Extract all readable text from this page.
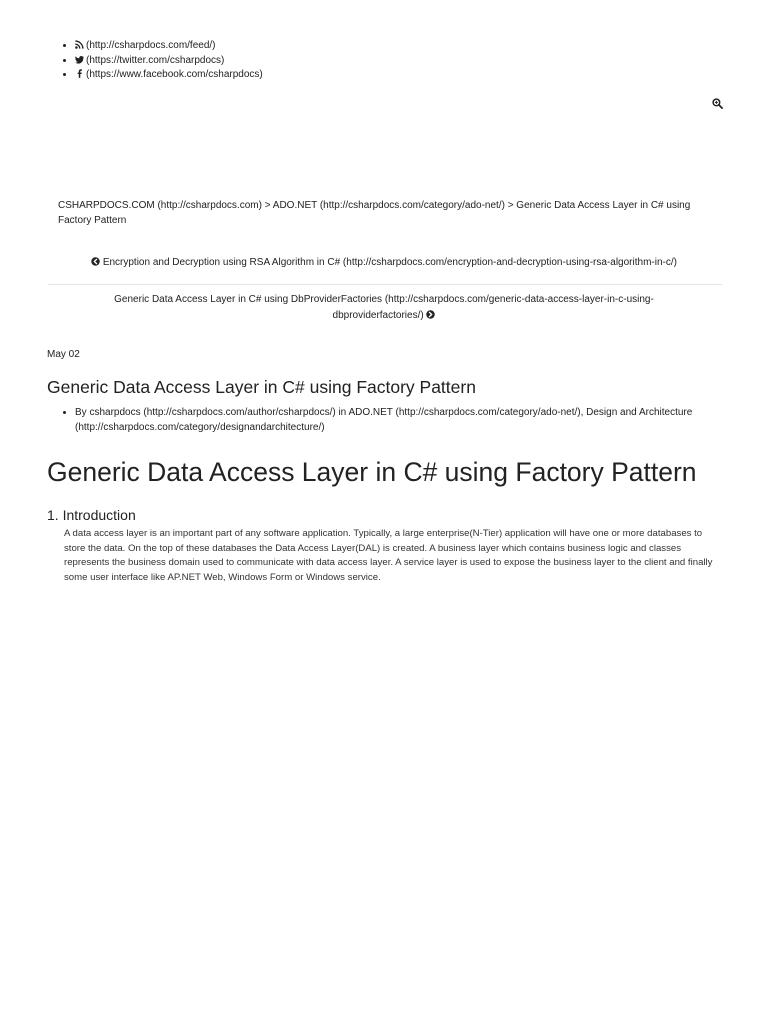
• (http://csharpdocs.com/feed/)
• (https://twitter.com/csharpdocs)
• (https://www.facebook.com/csharpdocs)
CSHARPDOCS.COM (http://csharpdocs.com) > ADO.NET (http://csharpdocs.com/category/ado-net/) > Generic Data Access Layer in C# using Factory Pattern
Encryption and Decryption using RSA Algorithm in C# (http://csharpdocs.com/encryption-and-decryption-using-rsa-algorithm-in-c/)
Generic Data Access Layer in C# using DbProviderFactories (http://csharpdocs.com/generic-data-access-layer-in-c-using-dbproviderfactories/)
May 02
Generic Data Access Layer in C# using Factory Pattern
• By csharpdocs (http://csharpdocs.com/author/csharpdocs/) in ADO.NET (http://csharpdocs.com/category/ado-net/), Design and Architecture (http://csharpdocs.com/category/designandarchitecture/)
Generic Data Access Layer in C# using Factory Pattern
1. Introduction

A data access layer is an important part of any software application. Typically, a large enterprise(N-Tier) application will have one or more databases to store the data. On the top of these databases the Data Access Layer(DAL) is created. A business layer which contains business logic and classes represents the business domain used to communicate with data access layer. A service layer is used to expose the business layer to the client and finally some user interface like AP.NET Web, Windows Form or Windows service.
